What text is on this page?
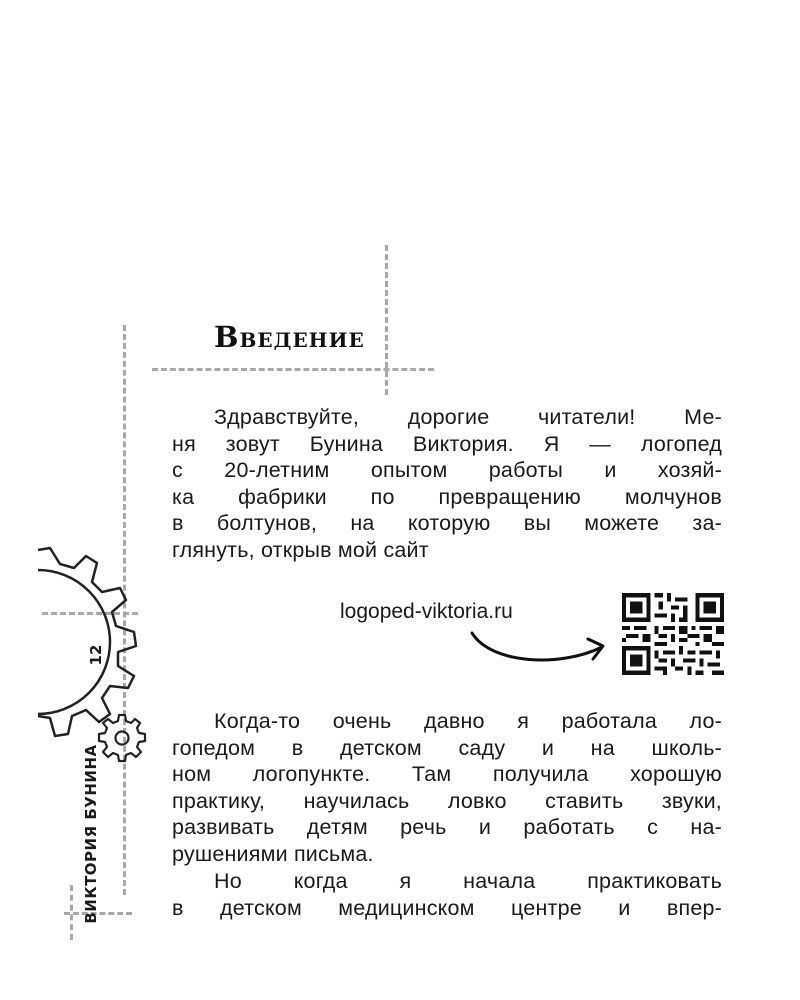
12
ВИКТОРИЯ БУНИНА
Введение
Здравствуйте, дорогие читатели! Ме-
ня зовут Бунина Виктория. Я — логопед
с 20-летним опытом работы и хозяй-
ка фабрики по превращению молчунов
в болтунов, на которую вы можете за-
глянуть, открыв мой сайт
logoped-viktoria.ru
Когда-то очень давно я работала ло-
гопедом в детском саду и на школь-
ном логопункте. Там получила хорошую
практику, научилась ловко ставить звуки,
развивать детям речь и работать с на-
рушениями письма.
Но когда я начала практиковать
в детском медицинском центре и впер-
